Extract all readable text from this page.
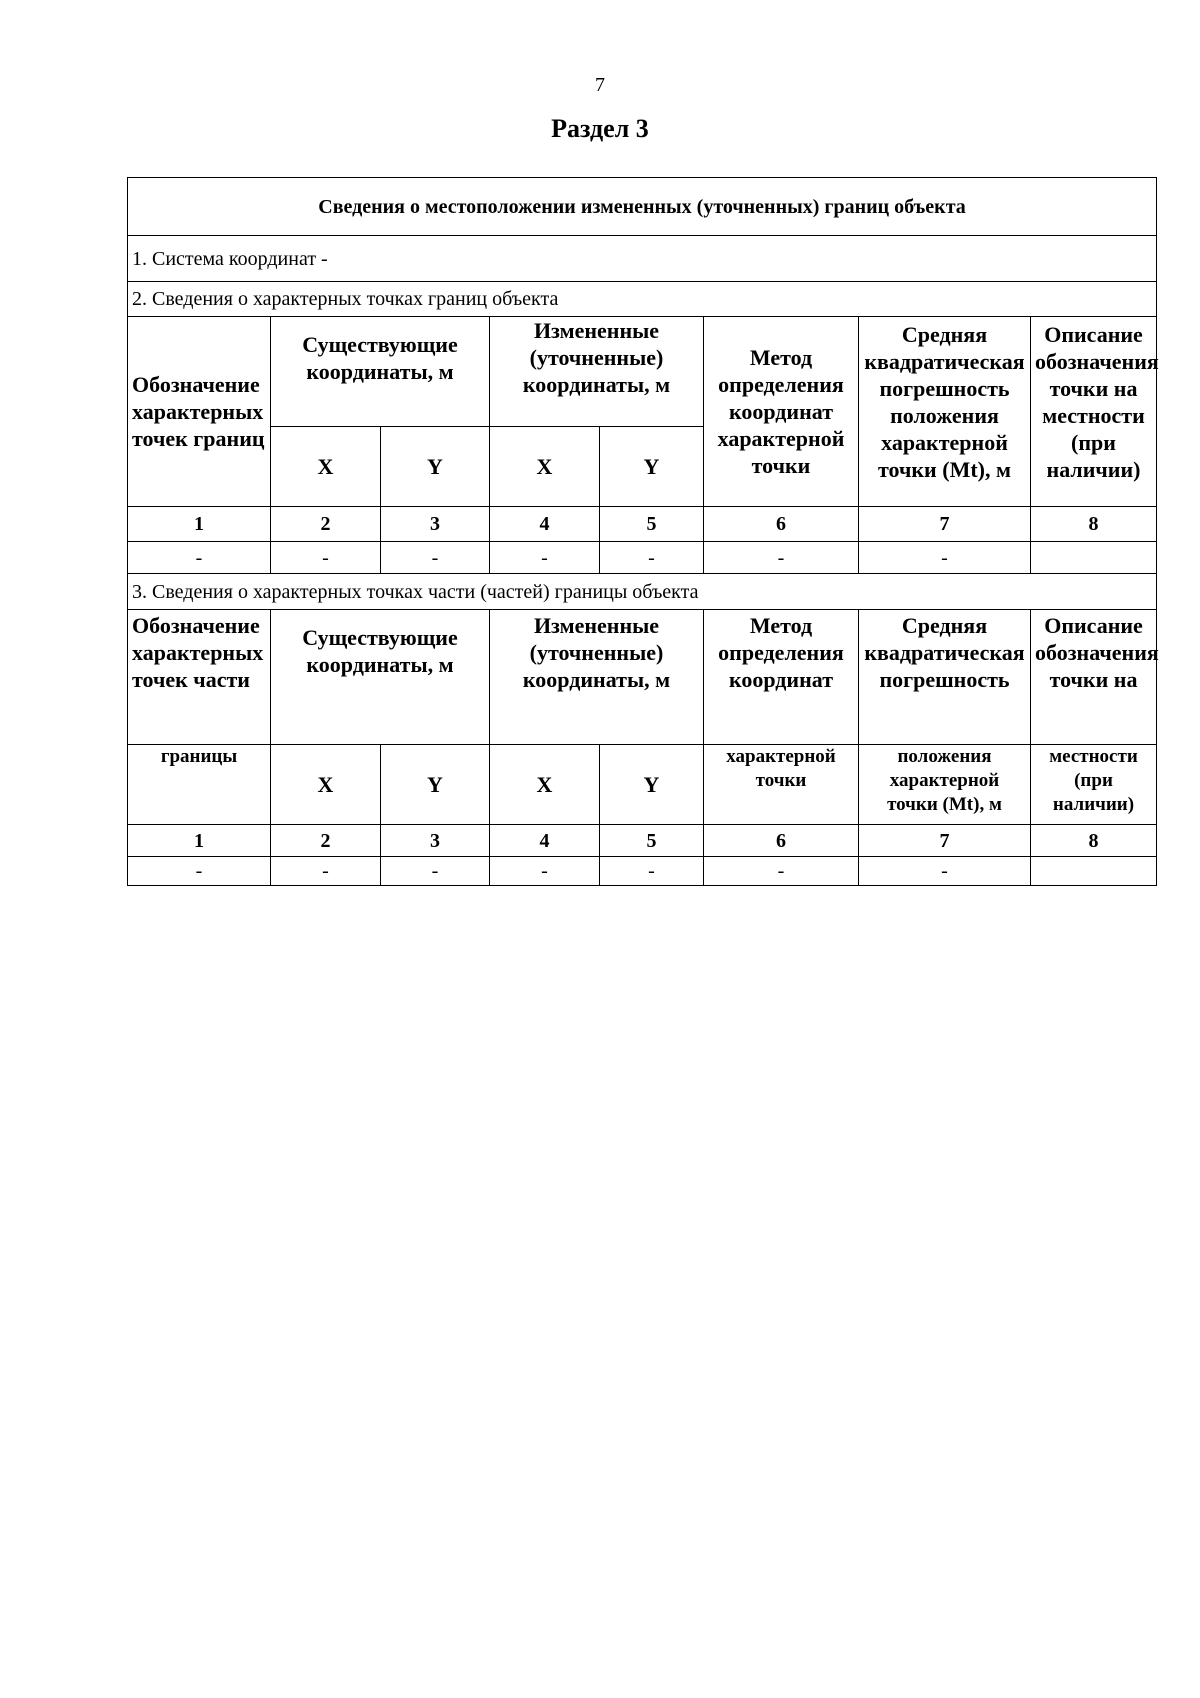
7
Раздел 3
Сведения о местоположении измененных (уточненных) границ объекта							
1. Система координат -							
2. Сведения о характерных точках границ объекта							
Обозначение характерных точек границ	Существующие координаты, м		Измененные (уточненные) координаты, м		Метод определения координат характерной точки	Средняя квадратическая погрешность положения характерной точки (Mt), м	Описание обозначения точки на местности (при наличии)
	X	Y	X	Y			
1	2	3	4	5	6	7	8
-	-	-	-	-	-	-	
3. Сведения о характерных точках части (частей) границы объекта							
Обозначение характерных точек части	Существующие координаты, м		Измененные (уточненные) координаты, м		Метод определения координат	Средняя квадратическая погрешность	Описание обозначения точки на
границы	X	Y	X	Y	характерной точки	положения характерной точки (Mt), м	местности (при наличии)
1	2	3	4	5	6	7	8
-	-	-	-	-	-	-	
